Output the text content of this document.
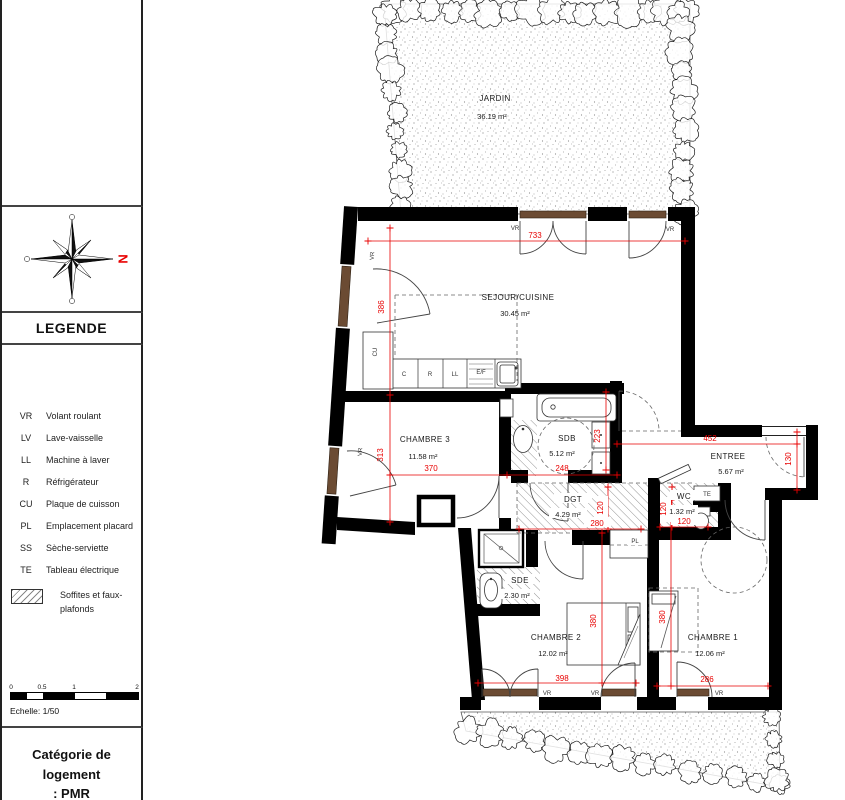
N
LEGENDE
VR	Volant roulant
LV	Lave-vaisselle
LL	Machine à laver
R	Réfrigérateur
CU	Plaque de cuisson
PL	Emplacement placard
SS	Sèche-serviette
TE	Tableau électrique
Soffites et faux-
plafonds
0	0.5	1	2
Echelle: 1/50
Catégorie de logement
: PMR
JARDIN
36.19 m²
SEJOUR/CUISINE
30.45 m²
CHAMBRE 3
11.58 m²
SDB
5.12 m²	ENTREE
5.67 m²
DGT
4.29 m²
WC
1.32 m²
SDE
2.30 m²
CHAMBRE 2
12.02 m²
CHAMBRE 1
12.06 m²
733
386
313
370	248
223	452
130
280
120	120
120
380
398
380
286
VR	VR
VR
VR
VR	VR	VR
CU
C	R	LL	E/F
TE
PL
